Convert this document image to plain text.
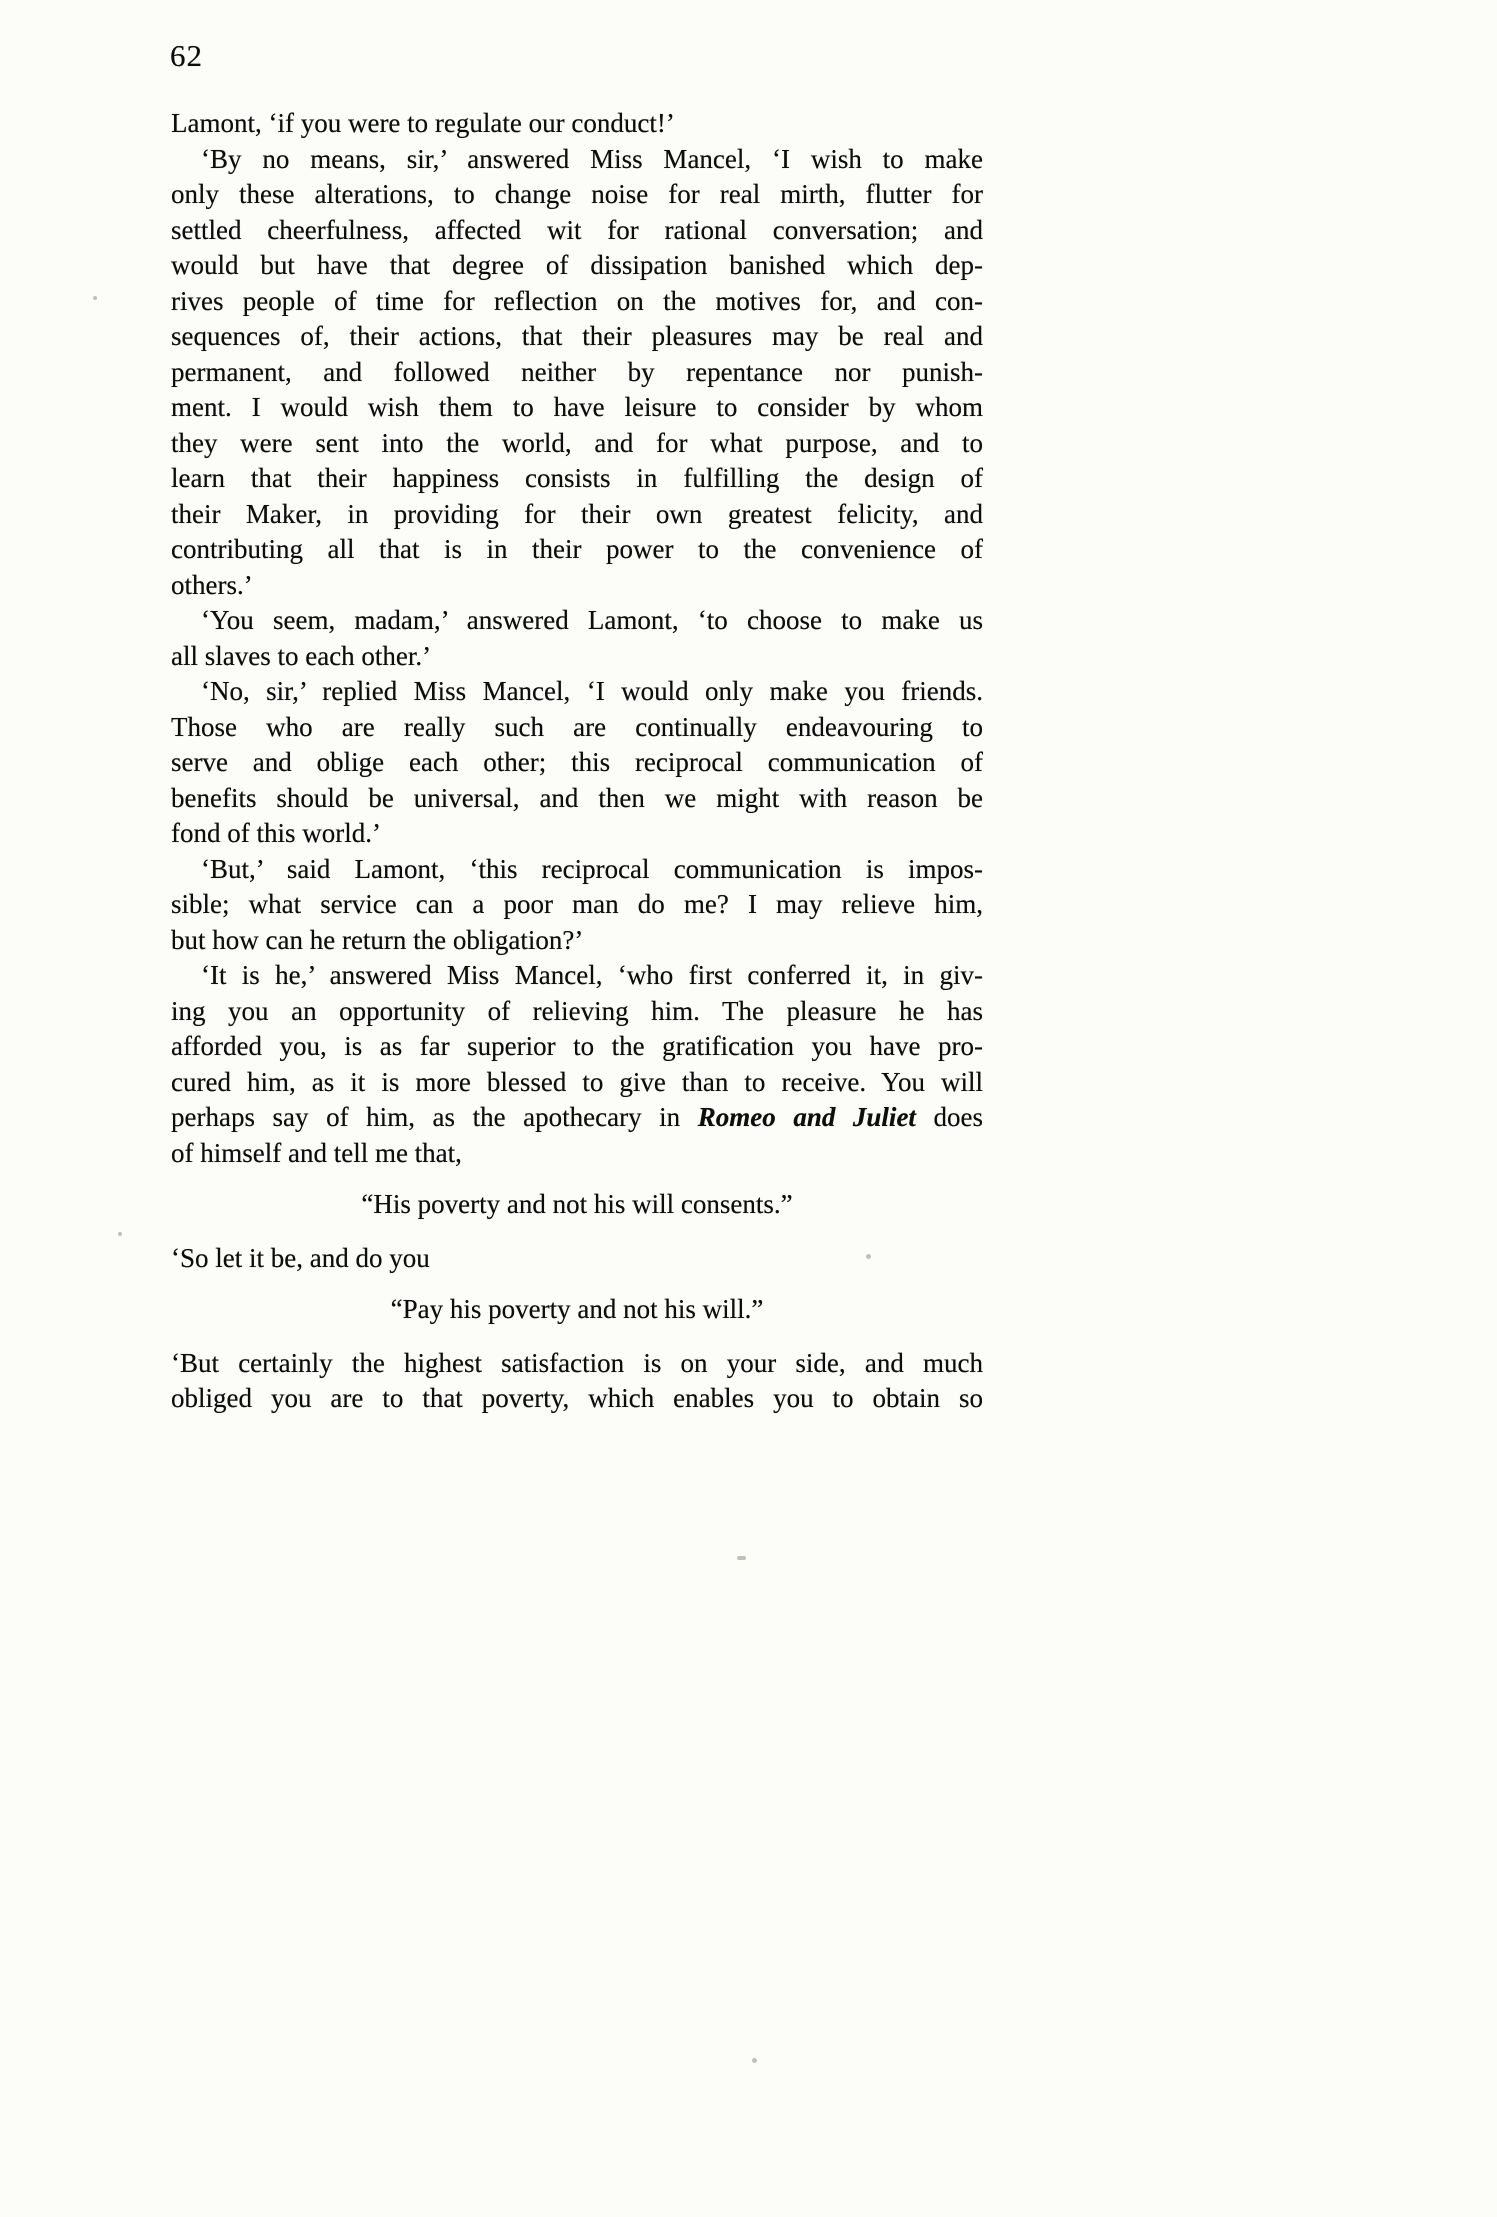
62
Lamont, ‘if you were to regulate our conduct!’
‘By no means, sir,’ answered Miss Mancel, ‘I wish to make
only these alterations, to change noise for real mirth, flutter for
settled cheerfulness, affected wit for rational conversation; and
would but have that degree of dissipation banished which dep-
rives people of time for reflection on the motives for, and con-
sequences of, their actions, that their pleasures may be real and
permanent, and followed neither by repentance nor punish-
ment. I would wish them to have leisure to consider by whom
they were sent into the world, and for what purpose, and to
learn that their happiness consists in fulfilling the design of
their Maker, in providing for their own greatest felicity, and
contributing all that is in their power to the convenience of
others.’
‘You seem, madam,’ answered Lamont, ‘to choose to make us
all slaves to each other.’
‘No, sir,’ replied Miss Mancel, ‘I would only make you friends.
Those who are really such are continually endeavouring to
serve and oblige each other; this reciprocal communication of
benefits should be universal, and then we might with reason be
fond of this world.’
‘But,’ said Lamont, ‘this reciprocal communication is impos-
sible; what service can a poor man do me? I may relieve him,
but how can he return the obligation?’
‘It is he,’ answered Miss Mancel, ‘who first conferred it, in giv-
ing you an opportunity of relieving him. The pleasure he has
afforded you, is as far superior to the gratification you have pro-
cured him, as it is more blessed to give than to receive. You will
perhaps say of him, as the apothecary in Romeo and Juliet does
of himself and tell me that,
“His poverty and not his will consents.”
‘So let it be, and do you
“Pay his poverty and not his will.”
‘But certainly the highest satisfaction is on your side, and much
obliged you are to that poverty, which enables you to obtain so
